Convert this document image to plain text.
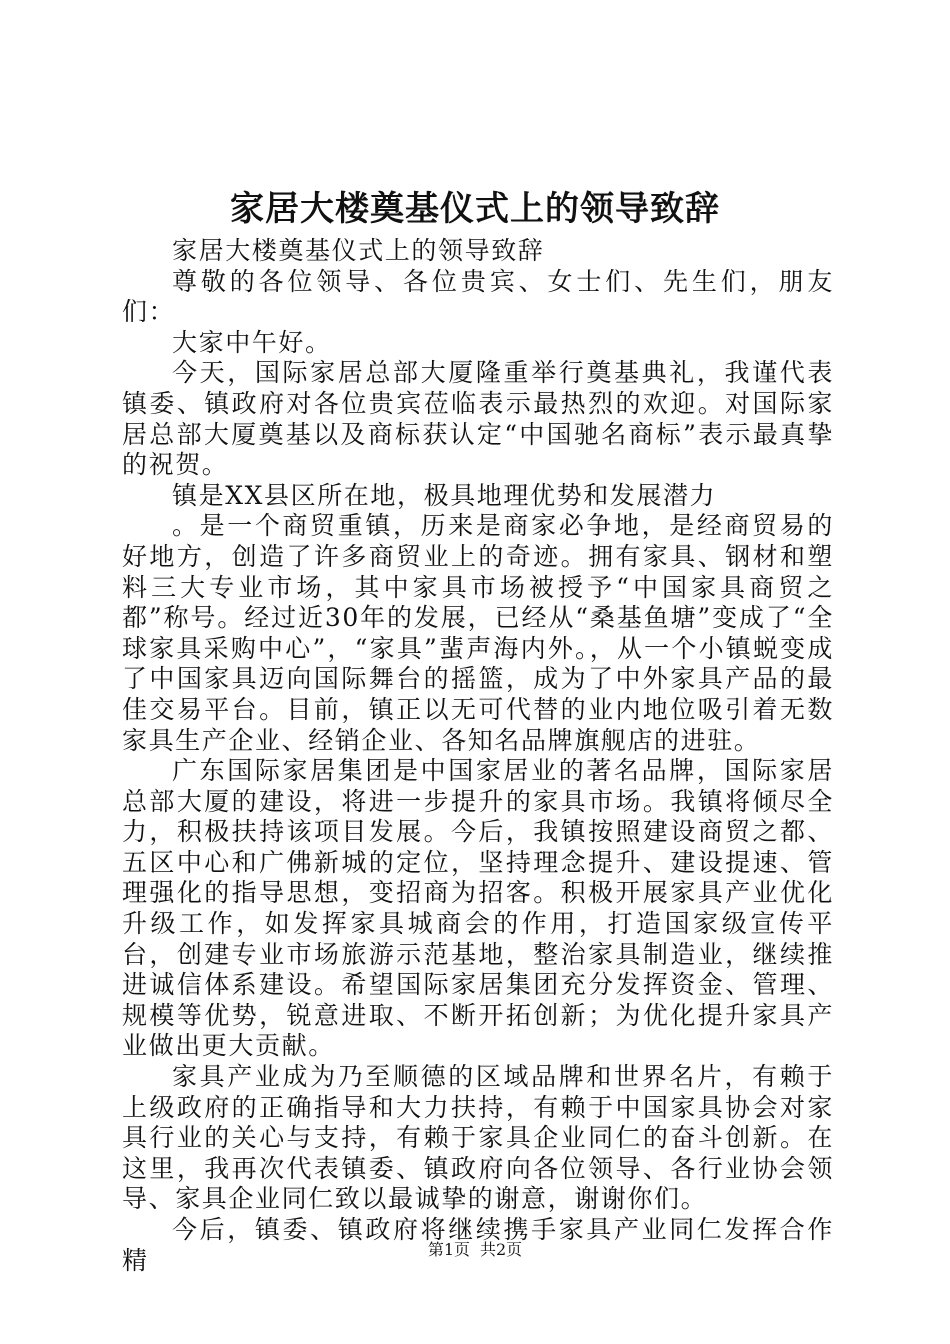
家居大楼奠基仪式上的领导致辞

家居大楼奠基仪式上的领导致辞

尊敬的各位领导、各位贵宾、女士们、先生们，朋友们：

大家中午好。

今天，国际家居总部大厦隆重举行奠基典礼，我谨代表镇委、镇政府对各位贵宾莅临表示最热烈的欢迎。对国际家居总部大厦奠基以及商标获认定“中国驰名商标”表示最真挚的祝贺。

镇是XX县区所在地，极具地理优势和发展潜力

。是一个商贸重镇，历来是商家必争地，是经商贸易的好地方，创造了许多商贸业上的奇迹。拥有家具、钢材和塑料三大专业市场，其中家具市场被授予“中国家具商贸之都”称号。经过近30年的发展，已经从“桑基鱼塘”变成了“全球家具采购中心”，“家具”蜚声海内外。，从一个小镇蜕变成了中国家具迈向国际舞台的摇篮，成为了中外家具产品的最佳交易平台。目前，镇正以无可代替的业内地位吸引着无数家具生产企业、经销企业、各知名品牌旗舰店的进驻。

广东国际家居集团是中国家居业的著名品牌，国际家居总部大厦的建设，将进一步提升的家具市场。我镇将倾尽全力，积极扶持该项目发展。今后，我镇按照建设商贸之都、五区中心和广佛新城的定位，坚持理念提升、建设提速、管理强化的指导思想，变招商为招客。积极开展家具产业优化升级工作，如发挥家具城商会的作用，打造国家级宣传平台，创建专业市场旅游示范基地，整治家具制造业，继续推进诚信体系建设。希望国际家居集团充分发挥资金、管理、规模等优势，锐意进取、不断开拓创新；为优化提升家具产业做出更大贡献。

家具产业成为乃至顺德的区域品牌和世界名片，有赖于上级政府的正确指导和大力扶持，有赖于中国家具协会对家具行业的关心与支持，有赖于家具企业同仁的奋斗创新。在这里，我再次代表镇委、镇政府向各位领导、各行业协会领导、家具企业同仁致以最诚挚的谢意，谢谢你们。

今后，镇委、镇政府将继续携手家具产业同仁发挥合作精	第1页 共2页
